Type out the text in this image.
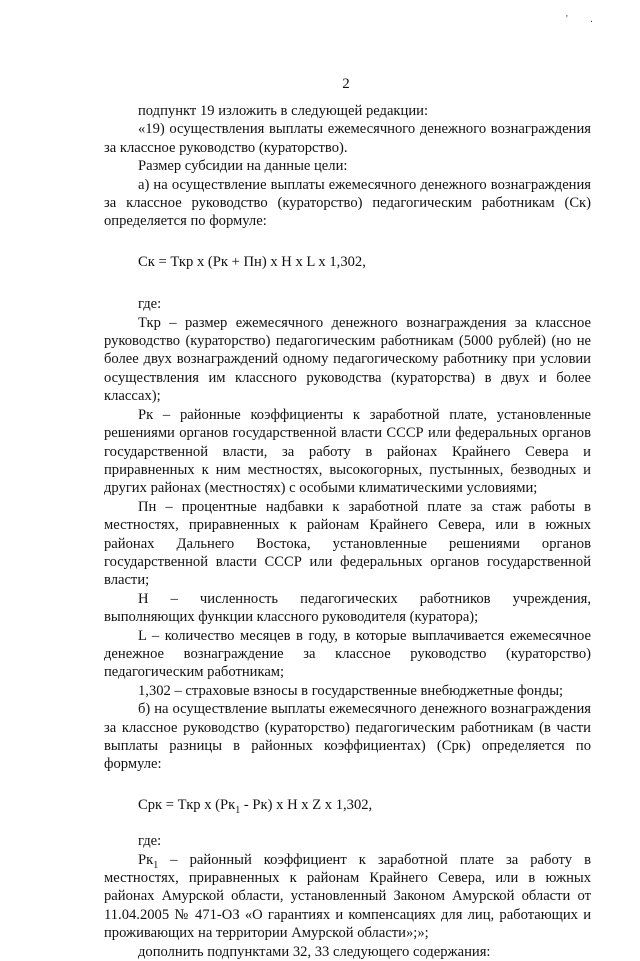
' .
2

подпункт 19 изложить в следующей редакции:

«19) осуществления выплаты ежемесячного денежного вознаграждения за классное руководство (кураторство).

Размер субсидии на данные цели:

а) на осуществление выплаты ежемесячного денежного вознаграждения за классное руководство (кураторство) педагогическим работникам (Ск) определяется по формуле:

Ск = Ткр х (Рк + Пн) х Н х L х 1,302,

где:

Ткр – размер ежемесячного денежного вознаграждения за классное руководство (кураторство) педагогическим работникам (5000 рублей) (но не более двух вознаграждений одному педагогическому работнику при условии осуществления им классного руководства (кураторства) в двух и более классах);

Рк – районные коэффициенты к заработной плате, установленные решениями органов государственной власти СССР или федеральных органов государственной власти, за работу в районах Крайнего Севера и приравненных к ним местностях, высокогорных, пустынных, безводных и других районах (местностях) с особыми климатическими условиями;

Пн – процентные надбавки к заработной плате за стаж работы в местностях, приравненных к районам Крайнего Севера, или в южных районах Дальнего Востока, установленные решениями органов государственной власти СССР или федеральных органов государственной власти;

Н – численность педагогических работников учреждения, выполняющих функции классного руководителя (куратора);

L – количество месяцев в году, в которые выплачивается ежемесячное денежное вознаграждение за классное руководство (кураторство) педагогическим работникам;

1,302 – страховые взносы в государственные внебюджетные фонды;

б) на осуществление выплаты ежемесячного денежного вознаграждения за классное руководство (кураторство) педагогическим работникам (в части выплаты разницы в районных коэффициентах) (Срк) определяется по формуле:

Срк = Ткр х $(Рк_1 - Рк)$ х Н х Z х 1,302,

где:

$Рк_1$ – районный коэффициент к заработной плате за работу в местностях, приравненных к районам Крайнего Севера, или в южных районах Амурской области, установленный Законом Амурской области от 11.04.2005 № 471-ОЗ «О гарантиях и компенсациях для лиц, работающих и проживающих на территории Амурской области»;»;

дополнить подпунктами 32, 33 следующего содержания:
